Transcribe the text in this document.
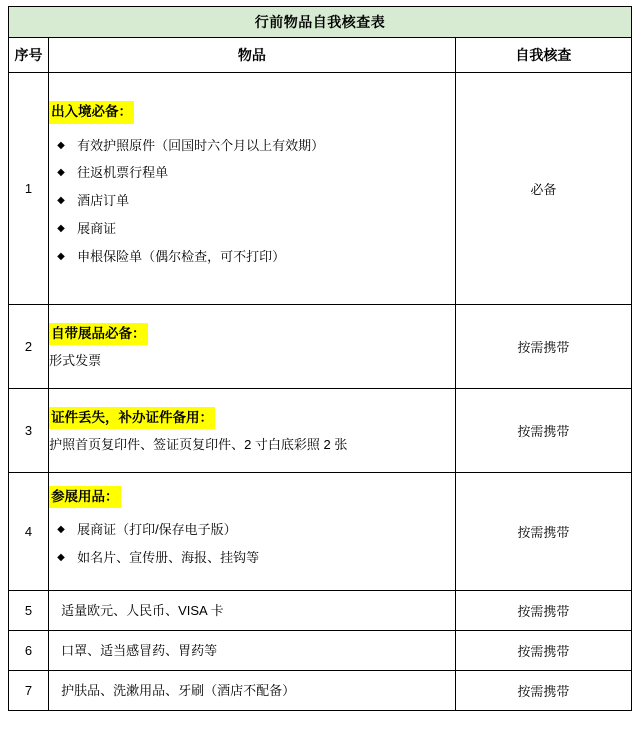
行前物品自我核查表		
序号	物品	自我核查
1	出入境必备：
◆ 有效护照原件（回国时六个月以上有效期）
◆ 往返机票行程单
◆ 酒店订单
◆ 展商证
◆ 申根保险单（偶尔检查，可不打印）
	必备
2	自带展品必备：
形式发票	按需携带
3	证件丢失，补办证件备用：
护照首页复印件、签证页复印件、2 寸白底彩照 2 张	按需携带
4	参展用品：
◆ 展商证（打印/保存电子版）
◆ 如名片、宣传册、海报、挂钩等
	按需携带
5	适量欧元、人民币、VISA 卡	按需携带
6	口罩、适当感冒药、胃药等	按需携带
7	护肤品、洗漱用品、牙刷（酒店不配备）	按需携带
